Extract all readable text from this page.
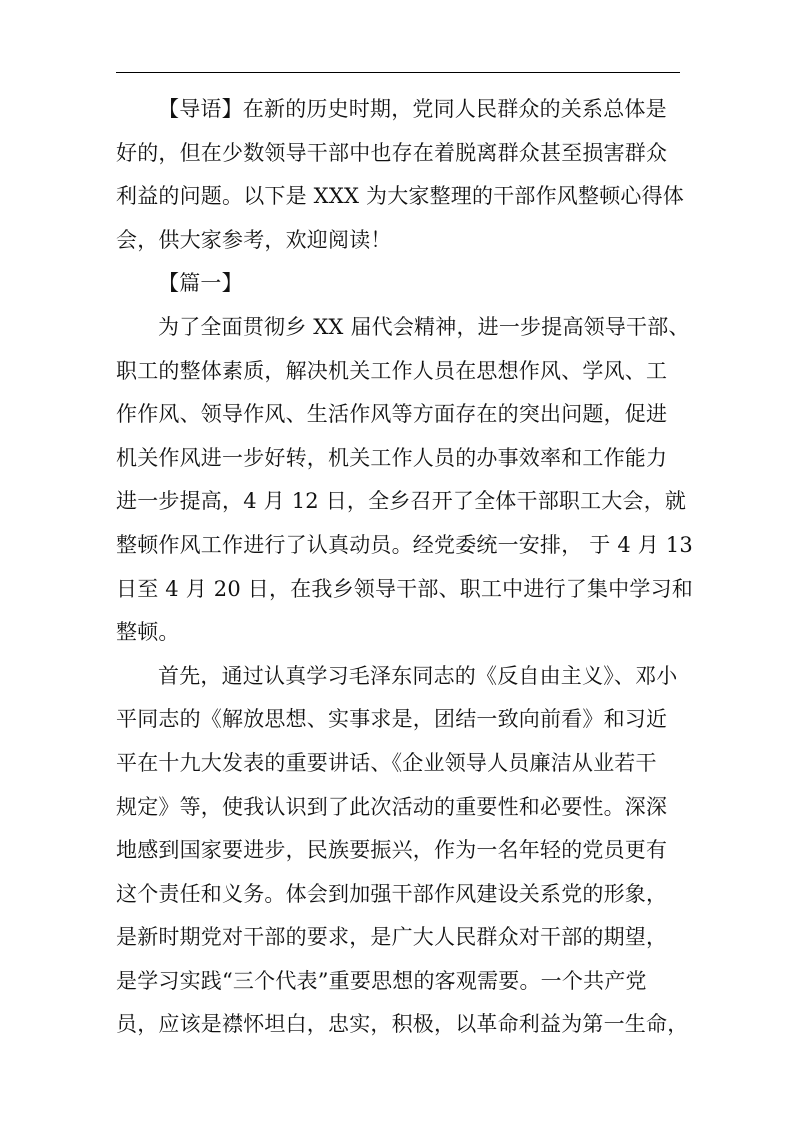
【导语】在新的历史时期，党同人民群众的关系总体是
好的，但在少数领导干部中也存在着脱离群众甚至损害群众
利益的问题。以下是 XXX 为大家整理的干部作风整顿心得体
会，供大家参考，欢迎阅读！
【篇一】
为了全面贯彻乡 XX 届代会精神，进一步提高领导干部、
职工的整体素质，解决机关工作人员在思想作风、学风、工
作作风、领导作风、生活作风等方面存在的突出问题，促进
机关作风进一步好转，机关工作人员的办事效率和工作能力
进一步提高，4 月 12 日，全乡召开了全体干部职工大会，就
整顿作风工作进行了认真动员。经党委统一安排， 于 4 月 13
日至 4 月 20 日，在我乡领导干部、职工中进行了集中学习和
整顿。
首先，通过认真学习毛泽东同志的《反自由主义》、邓小
平同志的《解放思想、实事求是，团结一致向前看》和习近
平在十九大发表的重要讲话、《企业领导人员廉洁从业若干
规定》等，使我认识到了此次活动的重要性和必要性。深深
地感到国家要进步，民族要振兴，作为一名年轻的党员更有
这个责任和义务。体会到加强干部作风建设关系党的形象，
是新时期党对干部的要求，是广大人民群众对干部的期望，
是学习实践“三个代表”重要思想的客观需要。一个共产党
员，应该是襟怀坦白，忠实，积极，以革命利益为第一生命，
